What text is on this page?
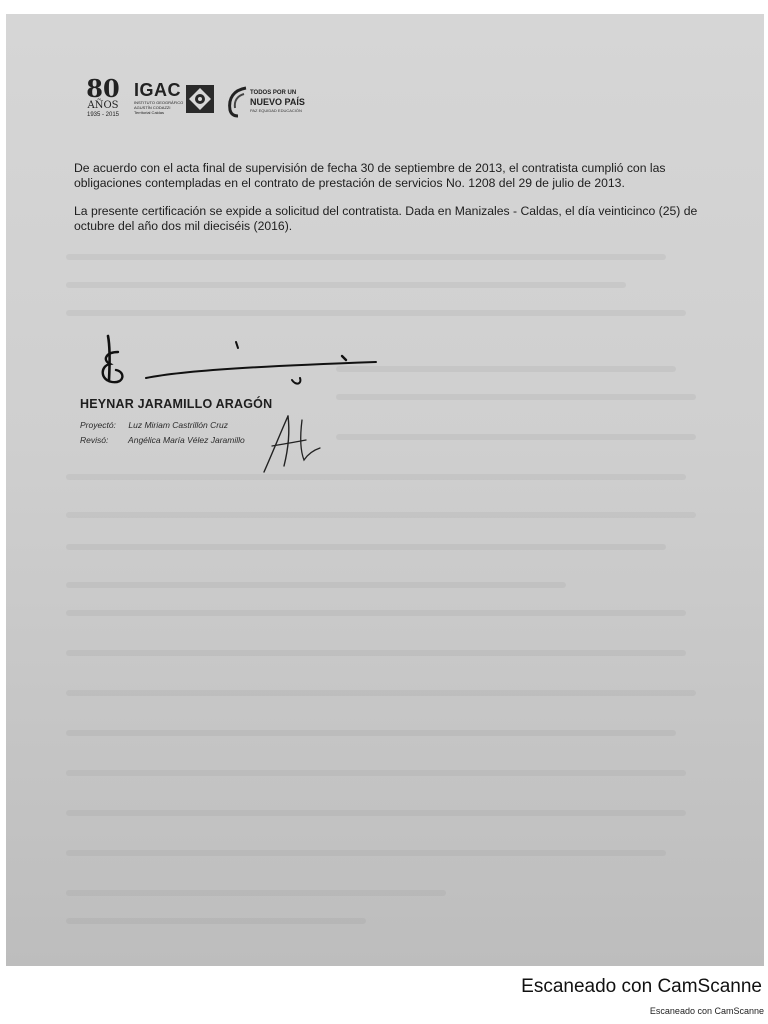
80
AÑOS
1935 - 2015
IGAC
INSTITUTO GEOGRÁFICO AGUSTÍN CODAZZI
Territorial Caldas
TODOS POR UN
NUEVO PAÍS
PAZ EQUIDAD EDUCACIÓN

De acuerdo con el acta final de supervisión de fecha 30 de septiembre de 2013, el contratista cumplió con las obligaciones contempladas en el contrato de prestación de servicios No. 1208 del 29 de julio de 2013.

La presente certificación se expide a solicitud del contratista. Dada en Manizales - Caldas, el día veinticinco (25) de octubre del año dos mil dieciséis (2016).

HEYNAR JARAMILLO ARAGÓN
Proyectó: Luz Miriam Castrillón Cruz
Revisó: Angélica María Vélez Jaramillo
Escaneado con CamScanne
Escaneado con CamScanne
